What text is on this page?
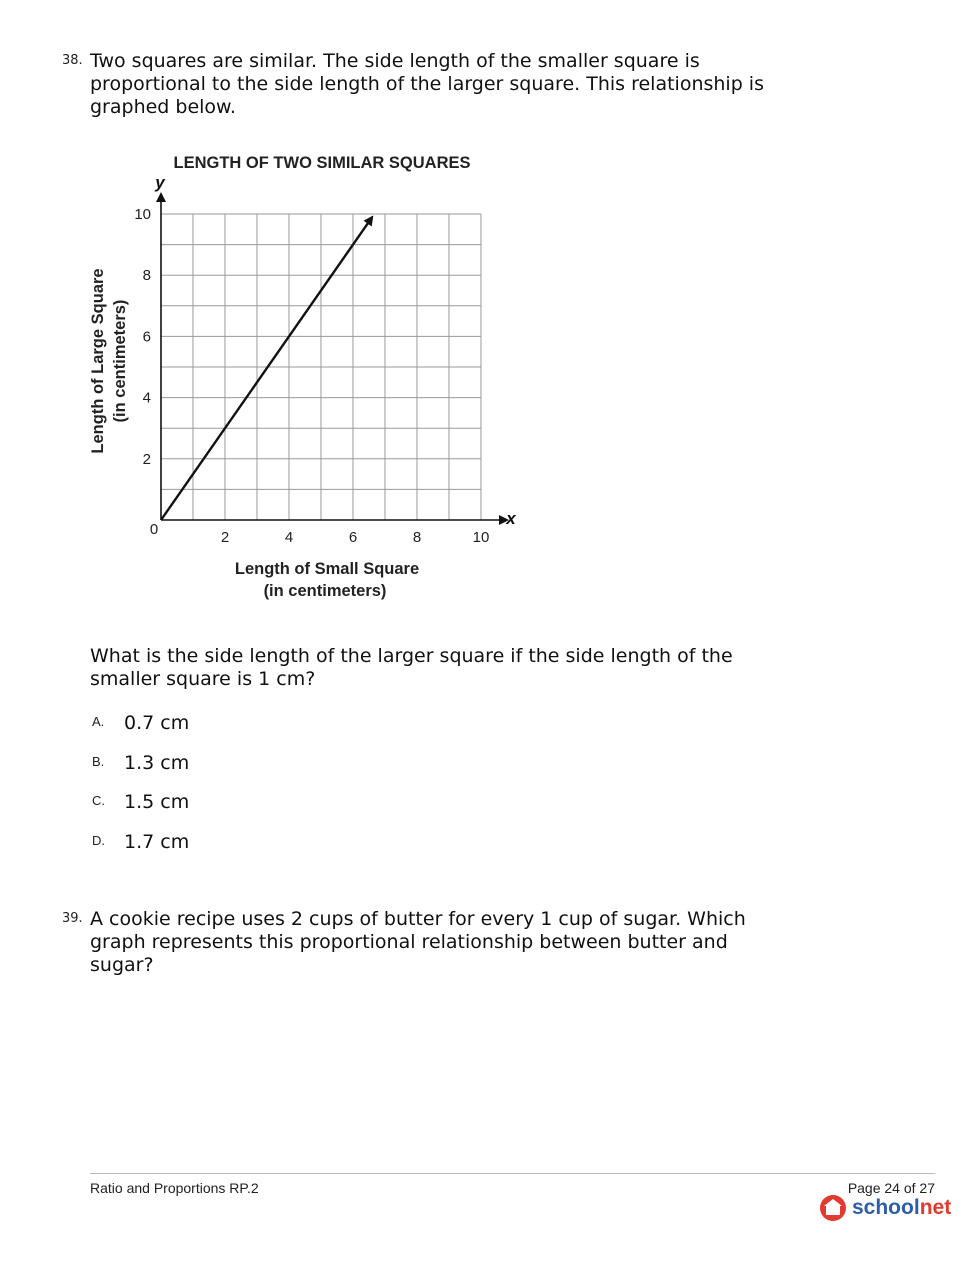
38. Two squares are similar. The side length of the smaller square is
proportional to the side length of the larger square. This relationship is
graphed below.
2	4	6	8	10
2
4
6
8
10
LENGTH OF TWO SIMILAR SQUARES
Length of Small Square
(in centimeters)
Length of Large Square (in centimeters)
y
x
0
What is the side length of the larger square if the side length of the
smaller square is 1 cm?
A. 0.7 cm
B. 1.3 cm
C. 1.5 cm
D. 1.7 cm
39. A cookie recipe uses 2 cups of butter for every 1 cup of sugar. Which
graph represents this proportional relationship between butter and
sugar?
Ratio and Proportions RP.2	Page 24 of 27
schoolnet
